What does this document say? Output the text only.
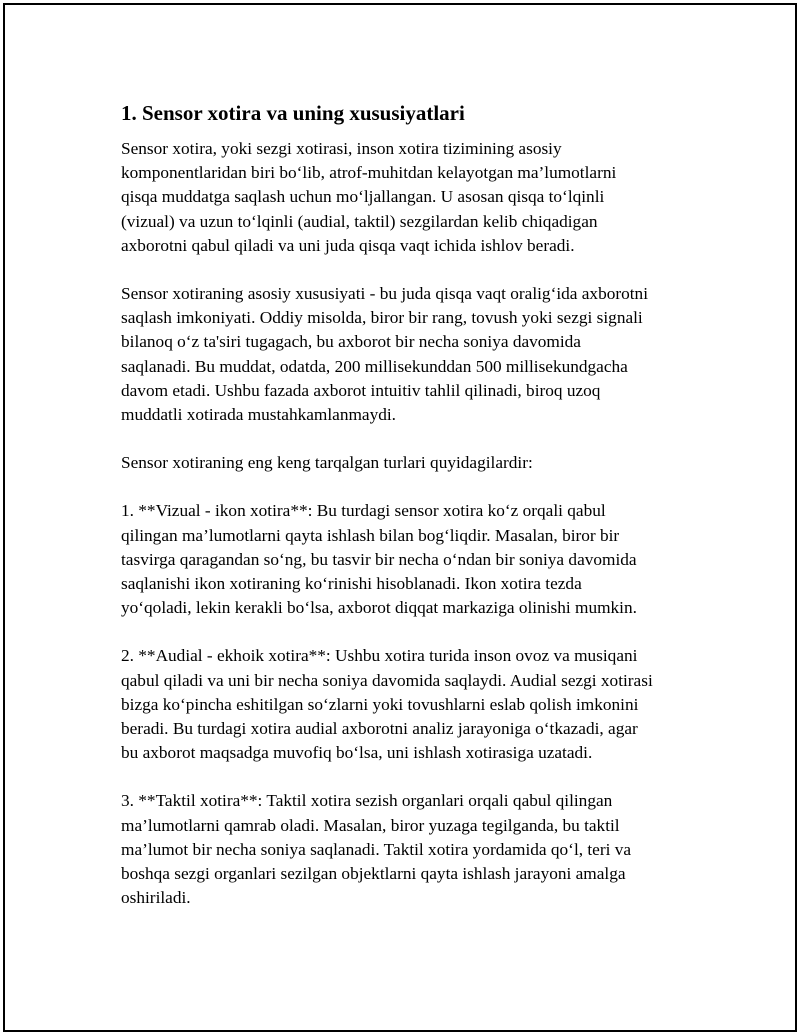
1. Sensor xotira va uning xususiyatlari

Sensor xotira, yoki sezgi xotirasi, inson xotira tizimining asosiy
komponentlaridan biri bo‘lib, atrof-muhitdan kelayotgan ma’lumotlarni
qisqa muddatga saqlash uchun mo‘ljallangan. U asosan qisqa to‘lqinli
(vizual) va uzun to‘lqinli (audial, taktil) sezgilardan kelib chiqadigan
axborotni qabul qiladi va uni juda qisqa vaqt ichida ishlov beradi.

Sensor xotiraning asosiy xususiyati - bu juda qisqa vaqt oralig‘ida axborotni
saqlash imkoniyati. Oddiy misolda, biror bir rang, tovush yoki sezgi signali
bilanoq o‘z ta'siri tugagach, bu axborot bir necha soniya davomida
saqlanadi. Bu muddat, odatda, 200 millisekunddan 500 millisekundgacha
davom etadi. Ushbu fazada axborot intuitiv tahlil qilinadi, biroq uzoq
muddatli xotirada mustahkamlanmaydi.

Sensor xotiraning eng keng tarqalgan turlari quyidagilardir:

1. **Vizual - ikon xotira**: Bu turdagi sensor xotira ko‘z orqali qabul
qilingan ma’lumotlarni qayta ishlash bilan bog‘liqdir. Masalan, biror bir
tasvirga qaragandan so‘ng, bu tasvir bir necha o‘ndan bir soniya davomida
saqlanishi ikon xotiraning ko‘rinishi hisoblanadi. Ikon xotira tezda
yo‘qoladi, lekin kerakli bo‘lsa, axborot diqqat markaziga olinishi mumkin.

2. **Audial - ekhoik xotira**: Ushbu xotira turida inson ovoz va musiqani
qabul qiladi va uni bir necha soniya davomida saqlaydi. Audial sezgi xotirasi
bizga ko‘pincha eshitilgan so‘zlarni yoki tovushlarni eslab qolish imkonini
beradi. Bu turdagi xotira audial axborotni analiz jarayoniga o‘tkazadi, agar
bu axborot maqsadga muvofiq bo‘lsa, uni ishlash xotirasiga uzatadi.

3. **Taktil xotira**: Taktil xotira sezish organlari orqali qabul qilingan
ma’lumotlarni qamrab oladi. Masalan, biror yuzaga tegilganda, bu taktil
ma’lumot bir necha soniya saqlanadi. Taktil xotira yordamida qo‘l, teri va
boshqa sezgi organlari sezilgan objektlarni qayta ishlash jarayoni amalga
oshiriladi.
